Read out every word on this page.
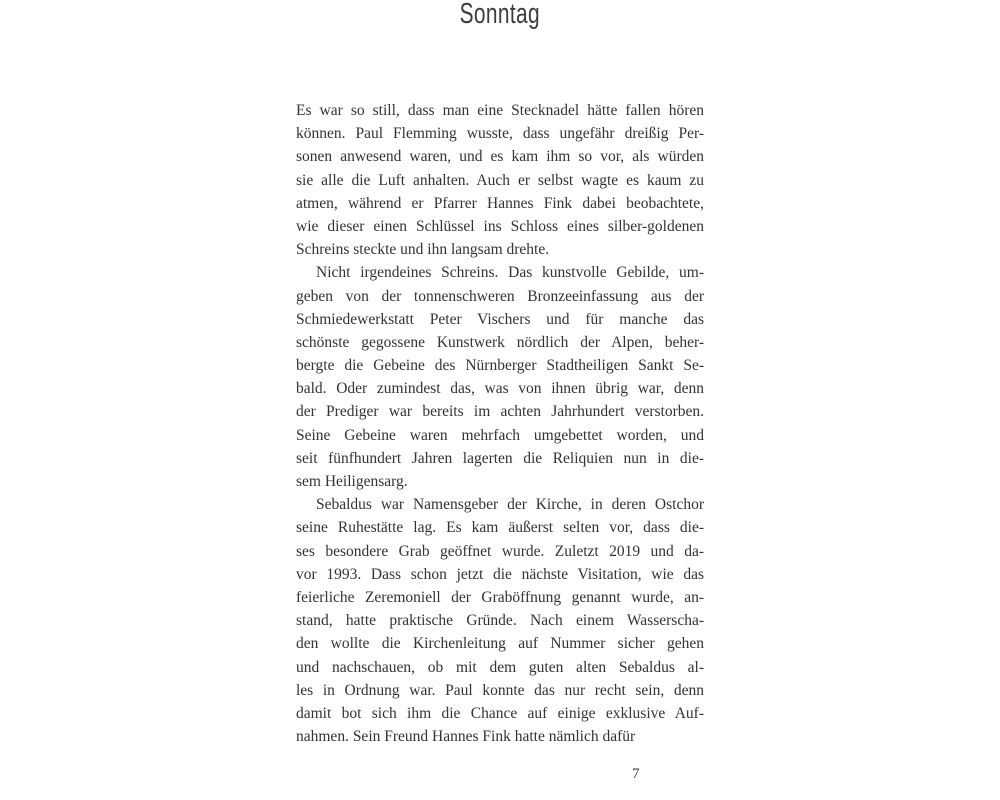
Sonntag
Es war so still, dass man eine Stecknadel hätte fallen hören
können. Paul Flemming wusste, dass ungefähr dreißig Per-
sonen anwesend waren, und es kam ihm so vor, als würden
sie alle die Luft anhalten. Auch er selbst wagte es kaum zu
atmen, während er Pfarrer Hannes Fink dabei beobachtete,
wie dieser einen Schlüssel ins Schloss eines silber-goldenen
Schreins steckte und ihn langsam drehte.
Nicht irgendeines Schreins. Das kunstvolle Gebilde, um-
geben von der tonnenschweren Bronzeeinfassung aus der
Schmiedewerkstatt Peter Vischers und für manche das
schönste gegossene Kunstwerk nördlich der Alpen, beher-
bergte die Gebeine des Nürnberger Stadtheiligen Sankt Se-
bald. Oder zumindest das, was von ihnen übrig war, denn
der Prediger war bereits im achten Jahrhundert verstorben.
Seine Gebeine waren mehrfach umgebettet worden, und
seit fünfhundert Jahren lagerten die Reliquien nun in die-
sem Heiligensarg.
Sebaldus war Namensgeber der Kirche, in deren Ostchor
seine Ruhestätte lag. Es kam äußerst selten vor, dass die-
ses besondere Grab geöffnet wurde. Zuletzt 2019 und da-
vor 1993. Dass schon jetzt die nächste Visitation, wie das
feierliche Zeremoniell der Graböffnung genannt wurde, an-
stand, hatte praktische Gründe. Nach einem Wasserscha-
den wollte die Kirchenleitung auf Nummer sicher gehen
und nachschauen, ob mit dem guten alten Sebaldus al-
les in Ordnung war. Paul konnte das nur recht sein, denn
damit bot sich ihm die Chance auf einige exklusive Auf-
nahmen. Sein Freund Hannes Fink hatte nämlich dafür
7
